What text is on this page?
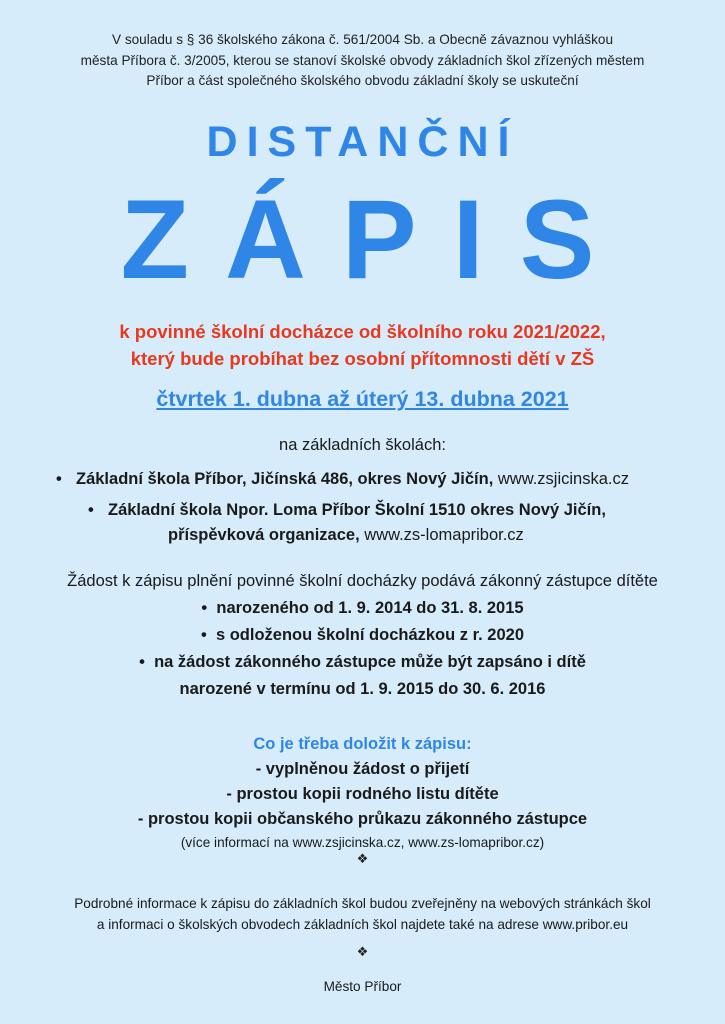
V souladu s § 36 školského zákona č. 561/2004 Sb. a Obecně závaznou vyhláškou
města Příbora č. 3/2005, kterou se stanoví školské obvody základních škol zřízených městem
Příbor a část společného školského obvodu základní školy se uskuteční
DISTANČNÍ
ZÁPIS
k povinné školní docházce od školního roku 2021/2022,
který bude probíhat bez osobní přítomnosti dětí v ZŠ
čtvrtek 1. dubna až úterý 13. dubna 2021
na základních školách:
• Základní škola Příbor, Jičínská 486, okres Nový Jičín, www.zsjicinska.cz
• Základní škola Npor. Loma Příbor Školní 1510 okres Nový Jičín,
příspěvková organizace, www.zs-lomapribor.cz
Žádost k zápisu plnění povinné školní docházky podává zákonný zástupce dítěte
•  narozeného od 1. 9. 2014 do 31. 8. 2015
•  s odloženou školní docházkou z r. 2020
•  na žádost zákonného zástupce může být zapsáno i dítě
narozené v termínu od 1. 9. 2015 do 30. 6. 2016
Co je třeba doložit k zápisu:
- vyplněnou žádost o přijetí
- prostou kopii rodného listu dítěte
- prostou kopii občanského průkazu zákonného zástupce
(více informací na www.zsjicinska.cz, www.zs-lomapribor.cz)
❖
Podrobné informace k zápisu do základních škol budou zveřejněny na webových stránkách škol
a informaci o školských obvodech základních škol najdete také na adrese www.pribor.eu
❖
Město Příbor
